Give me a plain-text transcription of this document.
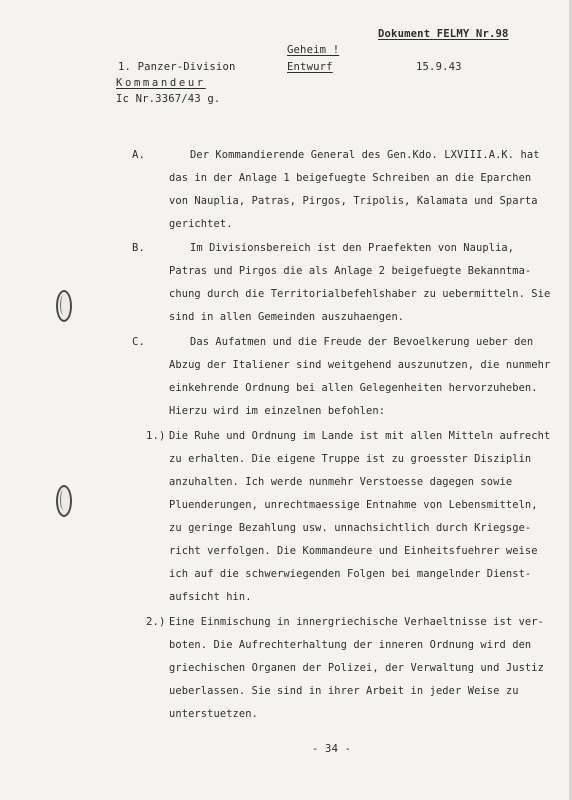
Dokument FELMY Nr.98
Geheim !
Entwurf	15.9.43
1. Panzer-Division
Kommandeur
Ic Nr.3367/43 g.
A.	Der Kommandierende General des Gen.Kdo. LXVIII.A.K. hat
das in der Anlage 1 beigefuegte Schreiben an die Eparchen
von Nauplia, Patras, Pirgos, Tripolis, Kalamata und Sparta
gerichtet.
B.	Im Divisionsbereich ist den Praefekten von Nauplia,
Patras und Pirgos die als Anlage 2 beigefuegte Bekanntma-
chung durch die Territorialbefehlshaber zu uebermitteln. Sie
sind in allen Gemeinden auszuhaengen.
C.	Das Aufatmen und die Freude der Bevoelkerung ueber den
Abzug der Italiener sind weitgehend auszunutzen, die nunmehr
einkehrende Ordnung bei allen Gelegenheiten hervorzuheben.
Hierzu wird im einzelnen befohlen:
1.) Die Ruhe und Ordnung im Lande ist mit allen Mitteln aufrecht
zu erhalten. Die eigene Truppe ist zu groesster Disziplin
anzuhalten. Ich werde nunmehr Verstoesse dagegen sowie
Pluenderungen, unrechtmaessige Entnahme von Lebensmitteln,
zu geringe Bezahlung usw. unnachsichtlich durch Kriegsge-
richt verfolgen. Die Kommandeure und Einheitsfuehrer weise
ich auf die schwerwiegenden Folgen bei mangelnder Dienst-
aufsicht hin.
2.) Eine Einmischung in innergriechische Verhaeltnisse ist ver-
boten. Die Aufrechterhaltung der inneren Ordnung wird den
griechischen Organen der Polizei, der Verwaltung und Justiz
ueberlassen. Sie sind in ihrer Arbeit in jeder Weise zu
unterstuetzen.
- 34 -
